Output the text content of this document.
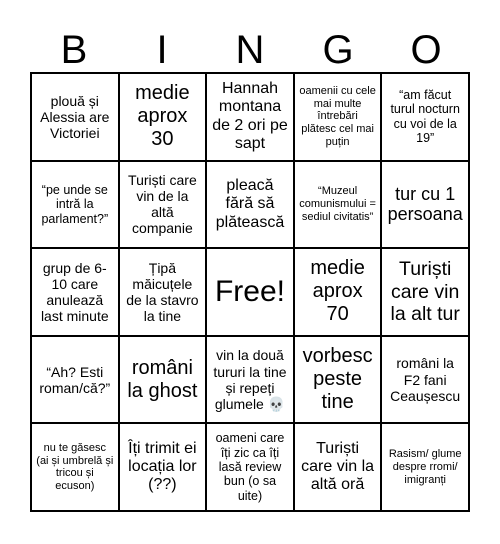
B	I	N	G	O
plouă și Alessia are Victoriei
medie aprox 30
Hannah montana de 2 ori pe sapt
oamenii cu cele mai multe întrebări plătesc cel mai puțin
“am făcut turul nocturn cu voi de la 19”
“pe unde se intră la parlament?”
Turiști care vin de la altă companie
pleacă fără să plătească
“Muzeul comunismului = sediul civitatis”
tur cu 1 persoana
grup de 6-10 care anulează last minute
Țipă măicuțele de la stavro la tine
Free!
medie aprox 70
Turiști care vin la alt tur
“Ah? Esti roman/că?”
români la ghost
vin la două tururi la tine și repeți glumele 💀
vorbesc peste tine
români la F2 fani Ceaușescu
nu te găsesc (ai și umbrelă și tricou și ecuson)
Îți trimit ei locația lor (??)
oameni care îți zic ca îți lasă review bun (o sa uite)
Turiști care vin la altă oră
Rasism/ glume despre rromi/ imigranți
